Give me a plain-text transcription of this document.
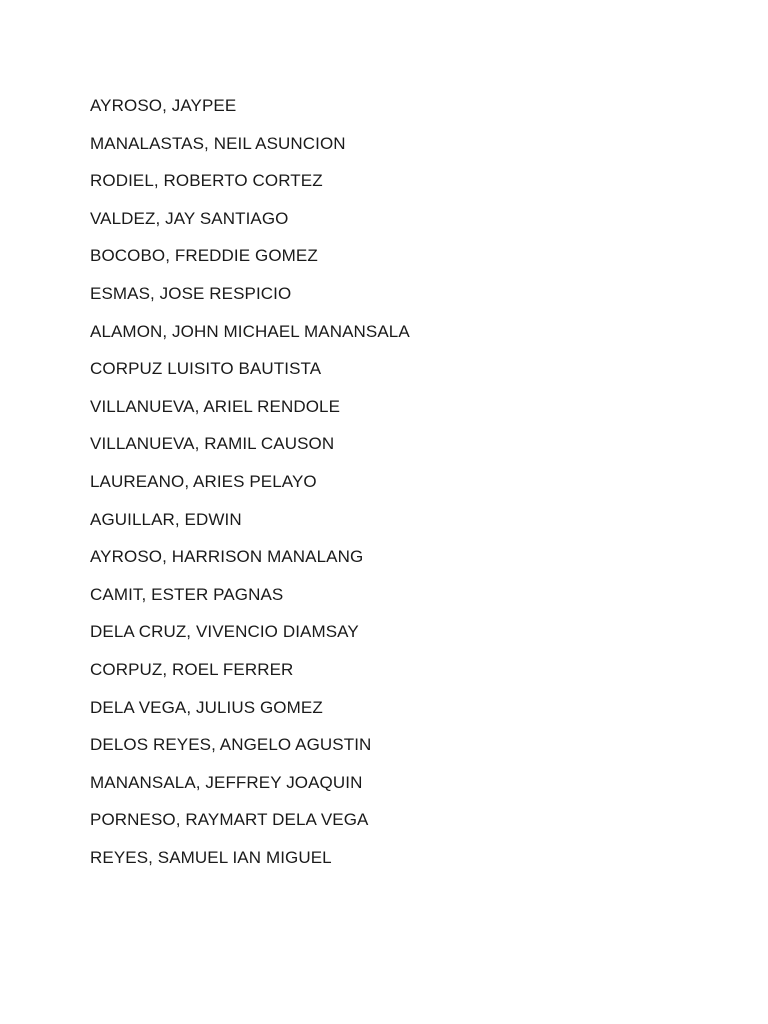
AYROSO, JAYPEE
MANALASTAS, NEIL ASUNCION
RODIEL, ROBERTO CORTEZ
VALDEZ, JAY SANTIAGO
BOCOBO, FREDDIE GOMEZ
ESMAS, JOSE RESPICIO
ALAMON, JOHN MICHAEL MANANSALA
CORPUZ LUISITO BAUTISTA
VILLANUEVA, ARIEL RENDOLE
VILLANUEVA, RAMIL CAUSON
LAUREANO, ARIES PELAYO
AGUILLAR, EDWIN
AYROSO, HARRISON MANALANG
CAMIT, ESTER PAGNAS
DELA CRUZ, VIVENCIO DIAMSAY
CORPUZ, ROEL FERRER
DELA VEGA, JULIUS GOMEZ
DELOS REYES, ANGELO AGUSTIN
MANANSALA, JEFFREY JOAQUIN
PORNESO, RAYMART DELA VEGA
REYES, SAMUEL IAN MIGUEL
